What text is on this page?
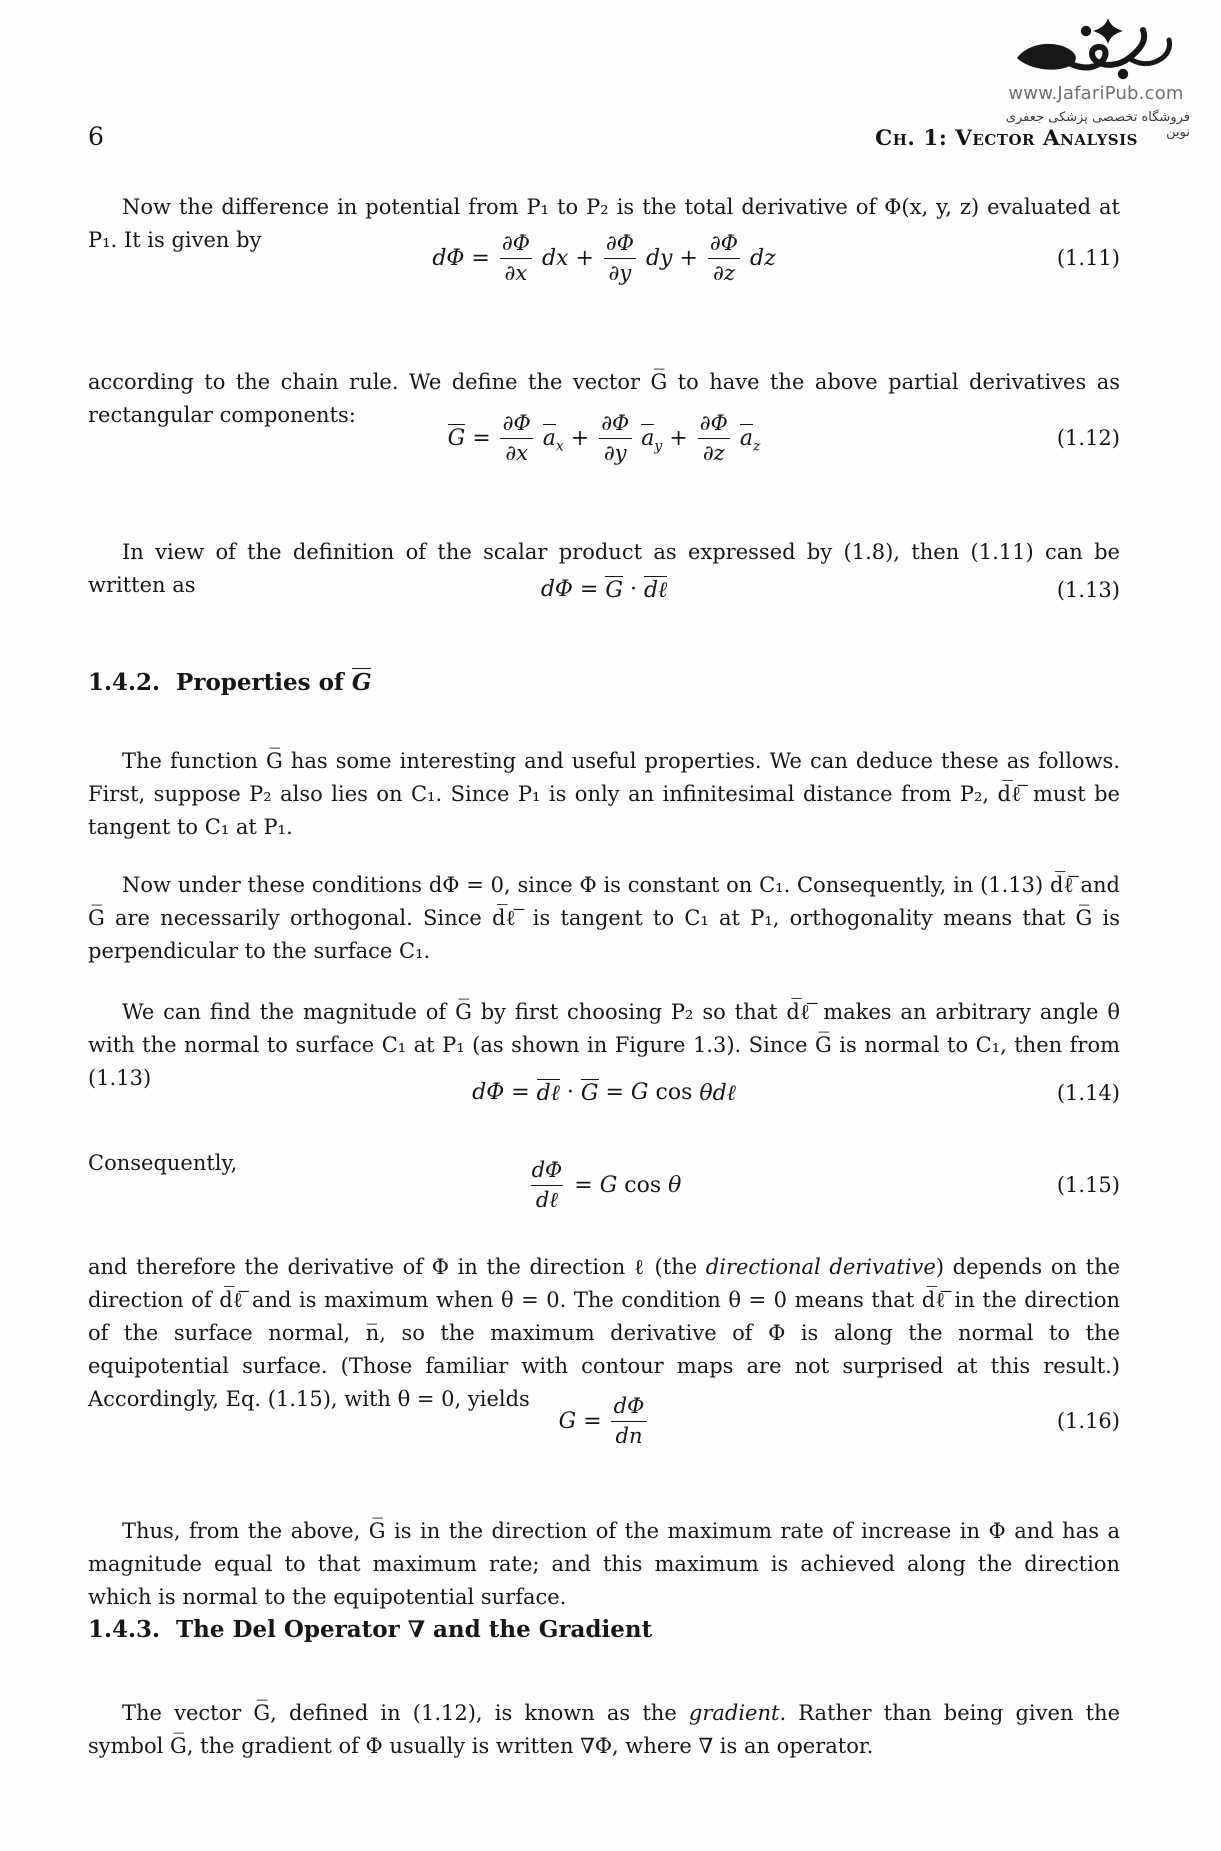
www.JafariPub.com
فروشگاه تخصصی پزشکی جعفری نوین
6	Ch. 1: Vector Analysis

Now the difference in potential from P₁ to P₂ is the total derivative of Φ(x, y, z) evaluated at P₁. It is given by

$d\Phi = \frac{\partial\Phi}{\partial x}$ dx + $\frac{\partial\Phi}{\partial y}$ dy + $\frac{\partial\Phi}{\partial z}$ dz	(1.11)

according to the chain rule. We define the vector G̅ to have the above partial derivatives as rectangular components:

$G = \frac{\partial\Phi}{\partial x} a_x + \frac{\partial\Phi}{\partial y} a_y + \frac{\partial\Phi}{\partial z} a_z$	(1.12)

In view of the definition of the scalar product as expressed by (1.8), then (1.11) can be written as	dΦ = G · dℓ	(1.13)
1.4.2. Properties of G

The function G̅ has some interesting and useful properties. We can deduce these as follows. First, suppose P₂ also lies on C₁. Since P₁ is only an infinitesimal distance from P₂, d̅ℓ̅ must be tangent to C₁ at P₁.

Now under these conditions dΦ = 0, since Φ is constant on C₁. Consequently, in (1.13) d̅ℓ̅ and G̅ are necessarily orthogonal. Since d̅ℓ̅ is tangent to C₁ at P₁, orthogonality means that G̅ is perpendicular to the surface C₁.

We can find the magnitude of G̅ by first choosing P₂ so that d̅ℓ̅ makes an arbitrary angle θ with the normal to surface C₁ at P₁ (as shown in Figure 1.3). Since G̅ is normal to C₁, then from (1.13)

dΦ = dℓ · G = G cos θdℓ	(1.14)

Consequently,	$\frac{d\Phi}{\text{dℓ}} = G$ cos θ	(1.15)

and therefore the derivative of Φ in the direction ℓ (the directional derivative) depends on the direction of d̅ℓ̅ and is maximum when θ = 0. The condition θ = 0 means that d̅ℓ̅ in the direction of the surface normal, n̅, so the maximum derivative of Φ is along the normal to the equipotential surface. (Those familiar with contour maps are not surprised at this result.) Accordingly, Eq. (1.15), with θ = 0, yields

$G = \frac{d\Phi}{dn}$	(1.16)

Thus, from the above, G̅ is in the direction of the maximum rate of increase in Φ and has a magnitude equal to that maximum rate; and this maximum is achieved along the direction which is normal to the equipotential surface.

1.4.3. The Del Operator ∇ and the Gradient

The vector G̅, defined in (1.12), is known as the gradient. Rather than being given the symbol G̅, the gradient of Φ usually is written ∇Φ, where ∇ is an operator.
